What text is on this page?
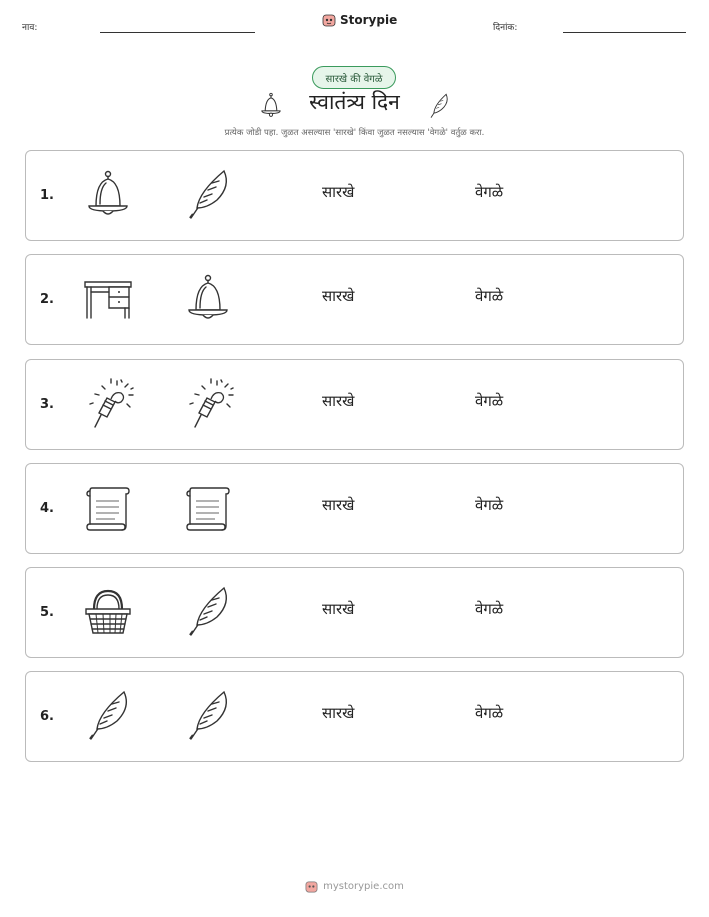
नाव:
Storypie
दिनांक:
सारखे की वेगळे
स्वातंत्र्य दिन
प्रत्येक जोडी पहा. जुळत असल्यास 'सारखे' किंवा जुळत नसल्यास 'वेगळे' वर्तुळ करा.
1.	सारखे	वेगळे
2.	सारखे	वेगळे
3.	सारखे	वेगळे
4.	सारखे	वेगळे
5.	सारखे	वेगळे
6.	सारखे	वेगळे
mystorypie.com
